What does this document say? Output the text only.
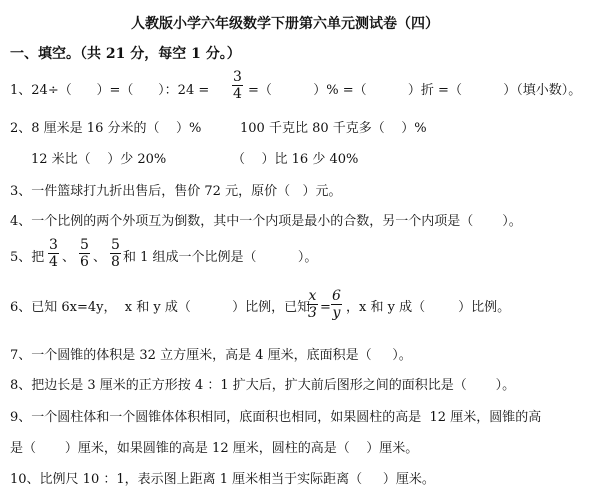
人教版小学六年级数学下册第六单元测试卷（四）
一、填空。（共 21 分，每空 1 分。）
1、24÷（      ）=（      ）：24 =
3
4 =（          ）% =（          ）折 =（          ）（填小数）。
2、8 厘米是 16 分米的（    ）%	100 千克比 80 千克多（    ）%
12 米比（    ）少 20%	（    ）比 16 少 40%
3、一件篮球打九折出售后，售价 72 元，原价（   ）元。
4、一个比例的两个外项互为倒数，其中一个内项是最小的合数，另一个内项是（       ）。
5、把
3
4 、
5
6 、
5
8 和 1 组成一个比例是（          ）。
6、已知 6x=4y，  x 和 y 成（          ）比例，已知
x
3 =
6
y ，x 和 y 成（        ）比例。
7、一个圆锥的体积是 32 立方厘米，高是 4 厘米，底面积是（     ）。
8、把边长是 3 厘米的正方形按 4 ：1 扩大后，扩大前后图形之间的面积比是（       ）。
9、一个圆柱体和一个圆锥体体积相同，底面积也相同，如果圆柱的高是  12 厘米，圆锥的高
是（       ）厘米，如果圆锥的高是 12 厘米，圆柱的高是（    ）厘米。
10、比例尺 10 ：1，表示图上距离 1 厘米相当于实际距离（     ）厘米。
